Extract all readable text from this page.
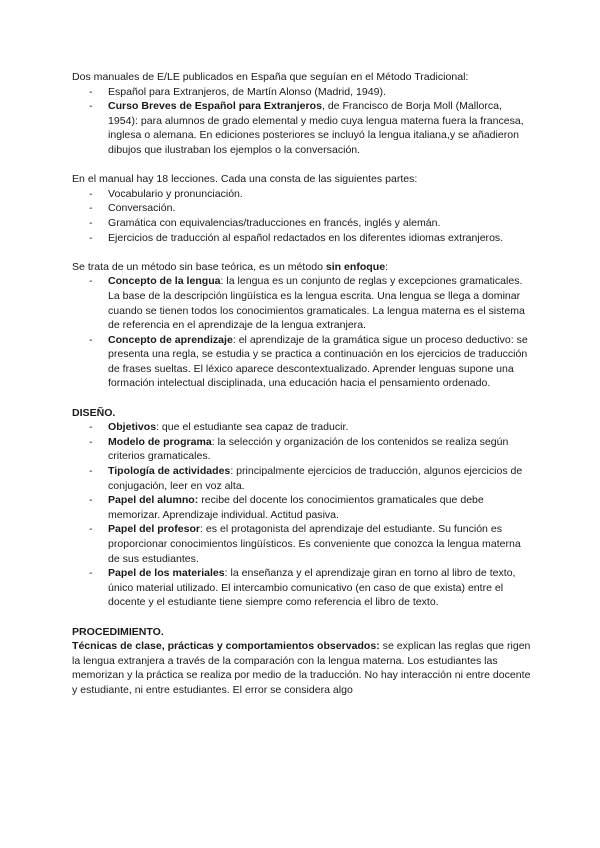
Dos manuales de E/LE publicados en España que seguían en el Método Tradicional:

- Español para Extranjeros, de Martín Alonso (Madrid, 1949).
- Curso Breves de Español para Extranjeros, de Francisco de Borja Moll (Mallorca, 1954): para alumnos de grado elemental y medio cuya lengua materna fuera la francesa, inglesa o alemana. En ediciones posteriores se incluyó la lengua italiana,y se añadieron dibujos que ilustraban los ejemplos o la conversación.

En el manual hay 18 lecciones. Cada una consta de las siguientes partes:

- Vocabulario y pronunciación.
- Conversación.
- Gramática con equivalencias/traducciones en francés, inglés y alemán.
- Ejercicios de traducción al español redactados en los diferentes idiomas extranjeros.

Se trata de un método sin base teórica, es un método sin enfoque:

- Concepto de la lengua: la lengua es un conjunto de reglas y excepciones gramaticales. La base de la descripción lingüística es la lengua escrita. Una lengua se llega a dominar cuando se tienen todos los conocimientos gramaticales. La lengua materna es el sistema de referencia en el aprendizaje de la lengua extranjera.
- Concepto de aprendizaje: el aprendizaje de la gramática sigue un proceso deductivo: se presenta una regla, se estudia y se practica a continuación en los ejercicios de traducción de frases sueltas. El léxico aparece descontextualizado. Aprender lenguas supone una formación intelectual disciplinada, una educación hacia el pensamiento ordenado.

DISEÑO.

- Objetivos: que el estudiante sea capaz de traducir.
- Modelo de programa: la selección y organización de los contenidos se realiza según criterios gramaticales.
- Tipología de actividades: principalmente ejercicios de traducción, algunos ejercicios de conjugación, leer en voz alta.
- Papel del alumno: recibe del docente los conocimientos gramaticales que debe memorizar. Aprendizaje individual. Actitud pasiva.
- Papel del profesor: es el protagonista del aprendizaje del estudiante. Su función es proporcionar conocimientos lingüísticos. Es conveniente que conozca la lengua materna de sus estudiantes.
- Papel de los materiales: la enseñanza y el aprendizaje giran en torno al libro de texto, único material utilizado. El intercambio comunicativo (en caso de que exista) entre el docente y el estudiante tiene siempre como referencia el libro de texto.

PROCEDIMIENTO.

Técnicas de clase, prácticas y comportamientos observados: se explican las reglas que rigen la lengua extranjera a través de la comparación con la lengua materna. Los estudiantes las memorizan y la práctica se realiza por medio de la traducción. No hay interacción ni entre docente y estudiante, ni entre estudiantes. El error se considera algo
